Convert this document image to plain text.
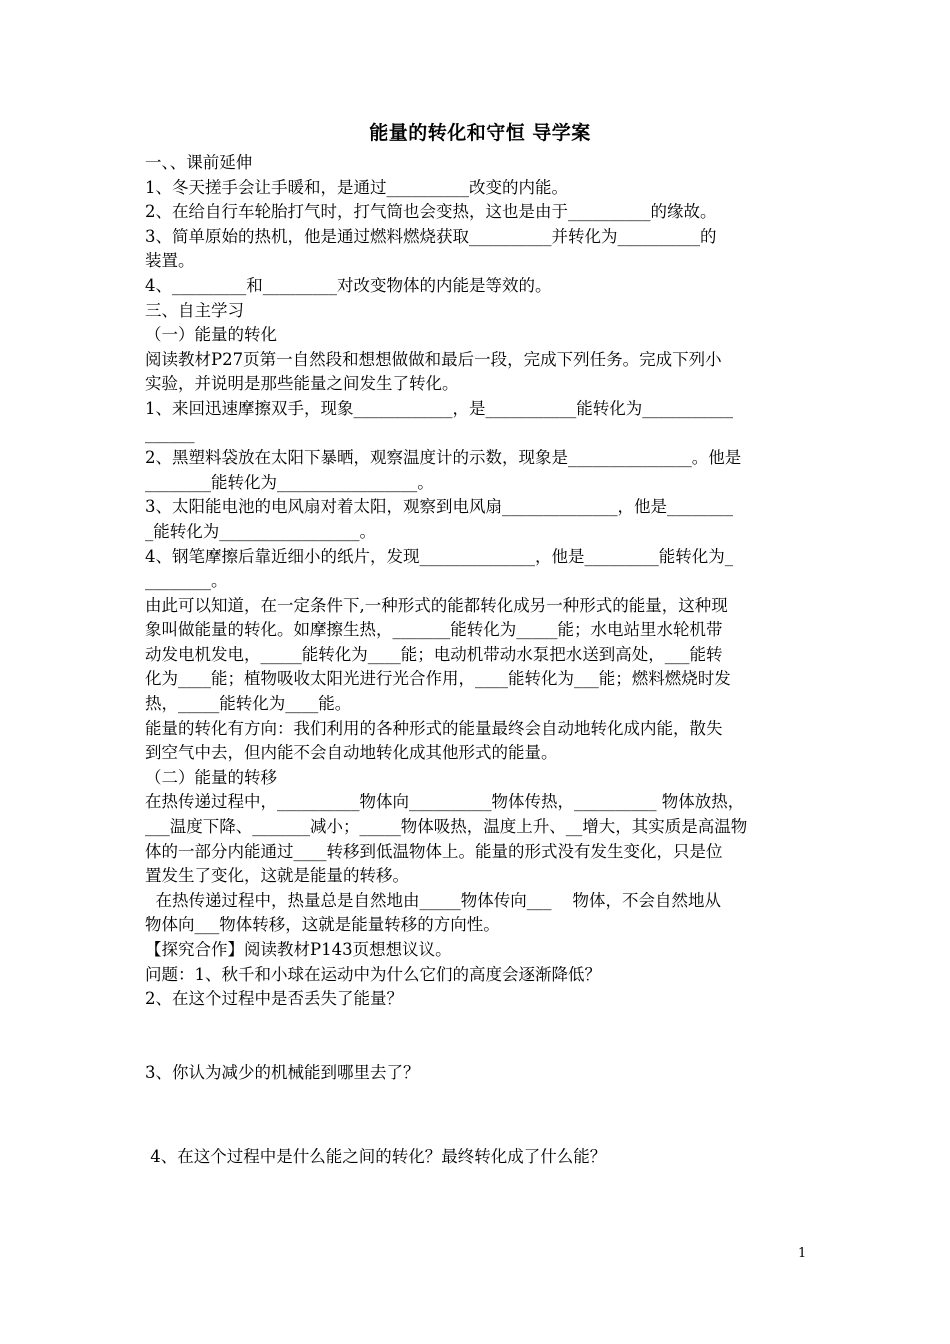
能量的转化和守恒 导学案

一、、课前延伸

1、冬天搓手会让手暖和，是通过__________改变的内能。

2、在给自行车轮胎打气时，打气筒也会变热，这也是由于__________的缘故。

3、简单原始的热机，他是通过燃料燃烧获取__________并转化为__________的

装置。

4、_________和_________对改变物体的内能是等效的。

三、自主学习

（一）能量的转化

阅读教材P27页第一自然段和想想做做和最后一段，完成下列任务。完成下列小

实验，并说明是那些能量之间发生了转化。

1、来回迅速摩擦双手，现象____________，是___________能转化为___________

______

2、黑塑料袋放在太阳下暴晒，观察温度计的示数，现象是_______________。他是

________能转化为_________________。

3、太阳能电池的电风扇对着太阳，观察到电风扇______________，他是________

_能转化为_________________。

4、钢笔摩擦后靠近细小的纸片，发现______________，他是_________能转化为_

________。

由此可以知道，在一定条件下,一种形式的能都转化成另一种形式的能量，这种现

象叫做能量的转化。如摩擦生热，_______能转化为_____能；水电站里水轮机带

动发电机发电，_____能转化为____能；电动机带动水泵把水送到高处，___能转

化为____能；植物吸收太阳光进行光合作用，____能转化为___能；燃料燃烧时发

热，_____能转化为____能。

能量的转化有方向：我们利用的各种形式的能量最终会自动地转化成内能，散失

到空气中去，但内能不会自动地转化成其他形式的能量。

（二）能量的转移

在热传递过程中，__________物体向__________物体传热，__________ 物体放热，

___温度下降、_______减小；_____物体吸热，温度上升、__增大，其实质是高温物

体的一部分内能通过____转移到低温物体上。能量的形式没有发生变化，只是位

置发生了变化，这就是能量的转移。

在热传递过程中，热量总是自然地由_____物体传向___    物体，不会自然地从

物体向___物体转移，这就是能量转移的方向性。

【探究合作】阅读教材P143页想想议议。

问题：1、秋千和小球在运动中为什么它们的高度会逐渐降低？

2、在这个过程中是否丢失了能量？

3、你认为减少的机械能到哪里去了？

4、在这个过程中是什么能之间的转化？最终转化成了什么能？

1
